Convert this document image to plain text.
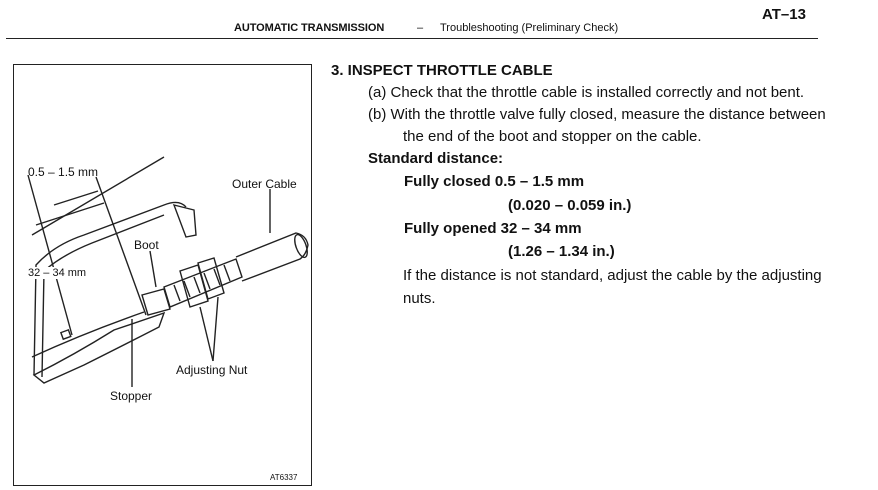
AUTOMATIC TRANSMISSION	– Troubleshooting (Preliminary Check)
AT–13
0.5 – 1.5 mm
32 – 34 mm
Outer Cable
Boot
Adjusting Nut
Stopper
AT6337
3. INSPECT THROTTLE CABLE
(a) Check that the throttle cable is installed correctly and not bent.
(b) With the throttle valve fully closed, measure the distance between
the end of the boot and stopper on the cable.
Standard distance:
Fully closed 0.5 – 1.5 mm
(0.020 – 0.059 in.)
Fully opened 32 – 34 mm
(1.26 – 1.34 in.)
If the distance is not standard, adjust the cable by the adjusting
nuts.
